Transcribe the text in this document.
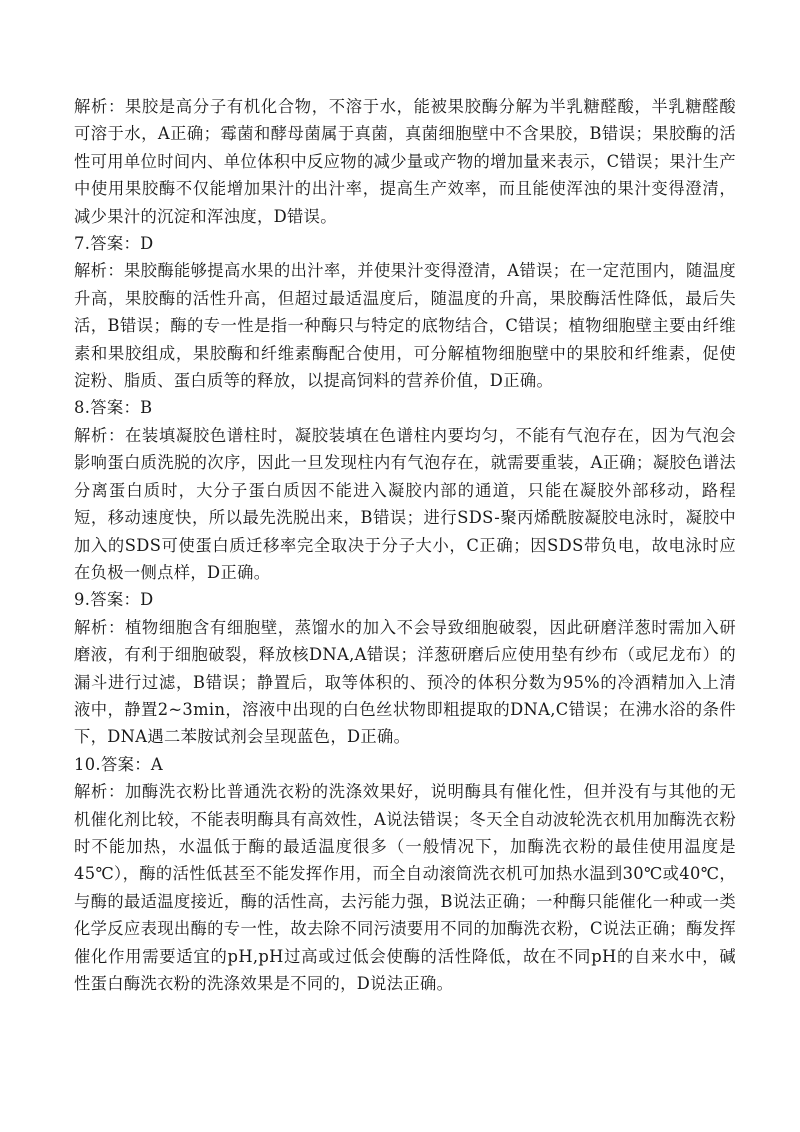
解析：果胶是高分子有机化合物，不溶于水，能被果胶酶分解为半乳糖醛酸，半乳糖醛酸可溶于水，A正确；霉菌和酵母菌属于真菌，真菌细胞壁中不含果胶，B错误；果胶酶的活性可用单位时间内、单位体积中反应物的减少量或产物的增加量来表示，C错误；果汁生产中使用果胶酶不仅能增加果汁的出汁率，提高生产效率，而且能使浑浊的果汁变得澄清，减少果汁的沉淀和浑浊度，D错误。

7.答案：D

解析：果胶酶能够提高水果的出汁率，并使果汁变得澄清，A错误；在一定范围内，随温度升高，果胶酶的活性升高，但超过最适温度后，随温度的升高，果胶酶活性降低，最后失活，B错误；酶的专一性是指一种酶只与特定的底物结合，C错误；植物细胞壁主要由纤维素和果胶组成，果胶酶和纤维素酶配合使用，可分解植物细胞壁中的果胶和纤维素，促使淀粉、脂质、蛋白质等的释放，以提高饲料的营养价值，D正确。

8.答案：B

解析：在装填凝胶色谱柱时，凝胶装填在色谱柱内要均匀，不能有气泡存在，因为气泡会影响蛋白质洗脱的次序，因此一旦发现柱内有气泡存在，就需要重装，A正确；凝胶色谱法分离蛋白质时，大分子蛋白质因不能进入凝胶内部的通道，只能在凝胶外部移动，路程短，移动速度快，所以最先洗脱出来，B错误；进行SDS-聚丙烯酰胺凝胶电泳时，凝胶中加入的SDS可使蛋白质迁移率完全取决于分子大小，C正确；因SDS带负电，故电泳时应在负极一侧点样，D正确。

9.答案：D

解析：植物细胞含有细胞壁，蒸馏水的加入不会导致细胞破裂，因此研磨洋葱时需加入研磨液，有利于细胞破裂，释放核DNA,A错误；洋葱研磨后应使用垫有纱布（或尼龙布）的漏斗进行过滤，B错误；静置后，取等体积的、预冷的体积分数为95%的冷酒精加入上清液中，静置2~3min，溶液中出现的白色丝状物即粗提取的DNA,C错误；在沸水浴的条件下，DNA遇二苯胺试剂会呈现蓝色，D正确。

10.答案：A

解析：加酶洗衣粉比普通洗衣粉的洗涤效果好，说明酶具有催化性，但并没有与其他的无机催化剂比较，不能表明酶具有高效性，A说法错误；冬天全自动波轮洗衣机用加酶洗衣粉时不能加热，水温低于酶的最适温度很多（一般情况下，加酶洗衣粉的最佳使用温度是45℃），酶的活性低甚至不能发挥作用，而全自动滚筒洗衣机可加热水温到30℃或40℃，与酶的最适温度接近，酶的活性高，去污能力强，B说法正确；一种酶只能催化一种或一类化学反应表现出酶的专一性，故去除不同污渍要用不同的加酶洗衣粉，C说法正确；酶发挥催化作用需要适宜的pH,pH过高或过低会使酶的活性降低，故在不同pH的自来水中，碱性蛋白酶洗衣粉的洗涤效果是不同的，D说法正确。
